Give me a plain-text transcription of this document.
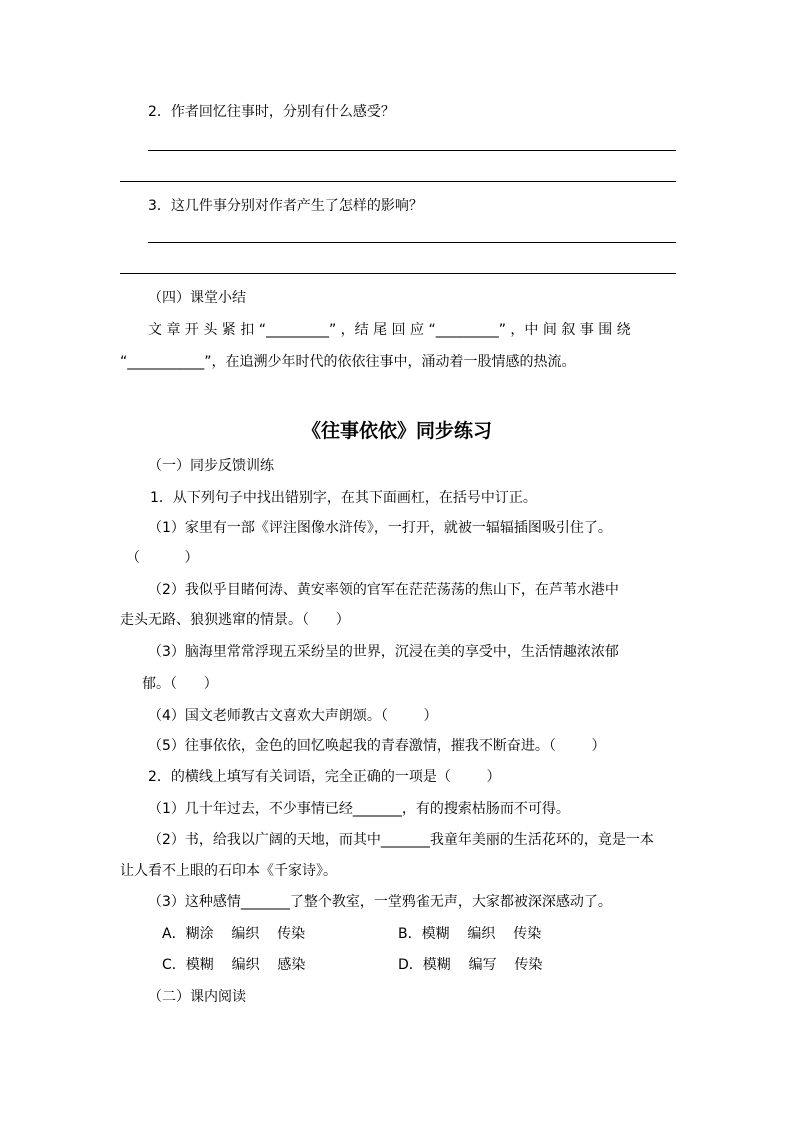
2．作者回忆往事时，分别有什么感受？
3．这几件事分别对作者产生了怎样的影响？
（四）课堂小结
文 章 开 头 紧 扣 “_________” ，结 尾 回 应 “_________” ，中 间 叙 事 围 绕
“___________”，在追溯少年时代的依依往事中，涌动着一股情感的热流。
《往事依依》同步练习
（一）同步反馈训练
1．从下列句子中找出错别字，在其下面画杠，在括号中订正。
（1）家里有一部《评注图像水浒传》，一打开，就被一辐辐插图吸引住了。
（          ）
（2）我似乎目睹何涛、黄安率领的官军在茫茫荡荡的焦山下，在芦苇水港中
走头无路、狼狈逃窜的情景。（      ）
（3）脑海里常常浮现五采纷呈的世界，沉浸在美的享受中，生活情趣浓浓郁
郁。（      ）
（4）国文老师教古文喜欢大声朗颂。（        ）
（5）往事依依，金色的回忆唤起我的青春激情，摧我不断奋进。（        ）
2．的横线上填写有关词语，完全正确的一项是（        ）
（1）几十年过去，不少事情已经_______，有的搜索枯肠而不可得。
（2）书，给我以广阔的天地，而其中_______我童年美丽的生活花环的，竟是一本
让人看不上眼的石印本《千家诗》。
（3）这种感情_______了整个教室，一堂鸦雀无声，大家都被深深感动了。
A．糊涂    编织    传染	B．模糊    编织    传染
C．模糊    编织    感染	D．模糊    编写    传染
（二）课内阅读
